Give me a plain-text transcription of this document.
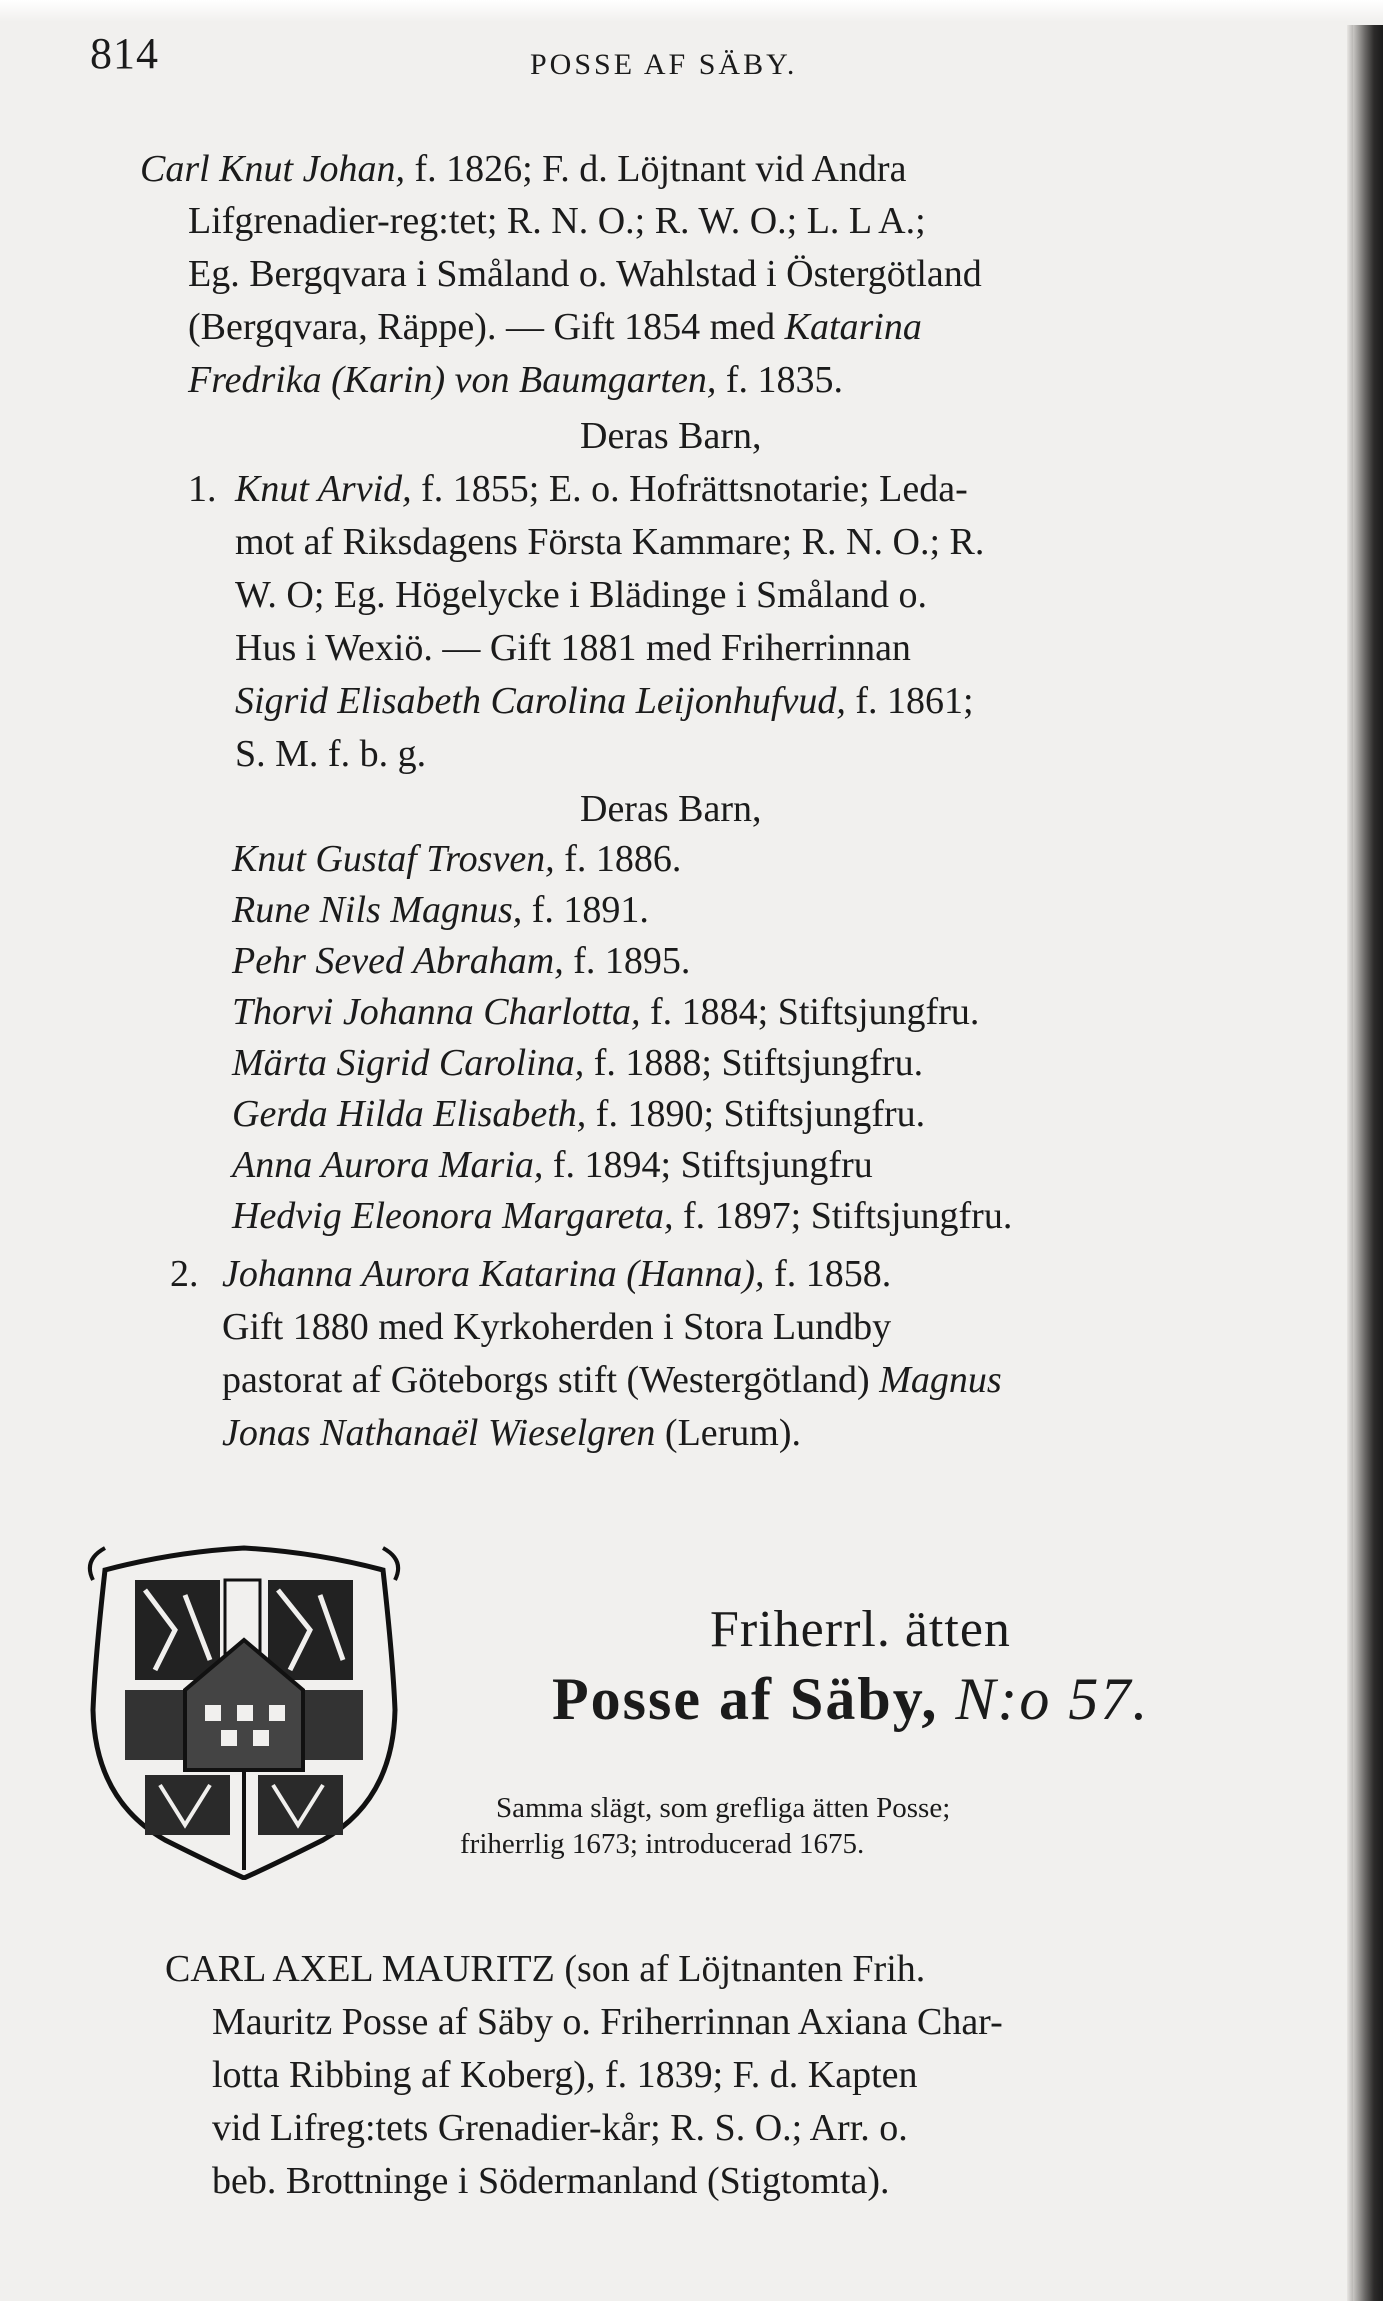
814	POSSE AF SÄBY.
Carl Knut Johan, f. 1826; F. d. Löjtnant vid Andra
Lifgrenadier-reg:tet; R. N. O.; R. W. O.; L. L A.;
Eg. Bergqvara i Småland o. Wahlstad i Östergötland
(Bergqvara, Räppe). — Gift 1854 med Katarina
Fredrika (Karin) von Baumgarten, f. 1835.
Deras Barn,
1. Knut Arvid, f. 1855; E. o. Hofrättsnotarie; Leda-
mot af Riksdagens Första Kammare; R. N. O.; R.
W. O; Eg. Högelycke i Blädinge i Småland o.
Hus i Wexiö. — Gift 1881 med Friherrinnan
Sigrid Elisabeth Carolina Leijonhufvud, f. 1861;
S. M. f. b. g.
Deras Barn,
Knut Gustaf Trosven, f. 1886.
Rune Nils Magnus, f. 1891.
Pehr Seved Abraham, f. 1895.
Thorvi Johanna Charlotta, f. 1884; Stiftsjungfru.
Märta Sigrid Carolina, f. 1888; Stiftsjungfru.
Gerda Hilda Elisabeth, f. 1890; Stiftsjungfru.
Anna Aurora Maria, f. 1894; Stiftsjungfru
Hedvig Eleonora Margareta, f. 1897; Stiftsjungfru.
2. Johanna Aurora Katarina (Hanna), f. 1858.
Gift 1880 med Kyrkoherden i Stora Lundby
pastorat af Göteborgs stift (Westergötland) Magnus
Jonas Nathanaël Wieselgren (Lerum).
Friherrl. ätten
Posse af Säby, N:o 57.
Samma slägt, som grefliga ätten Posse;
friherrlig 1673; introducerad 1675.
CARL AXEL MAURITZ (son af Löjtnanten Frih.
Mauritz Posse af Säby o. Friherrinnan Axiana Char-
lotta Ribbing af Koberg), f. 1839; F. d. Kapten
vid Lifreg:tets Grenadier-kår; R. S. O.; Arr. o.
beb. Brottninge i Södermanland (Stigtomta).
